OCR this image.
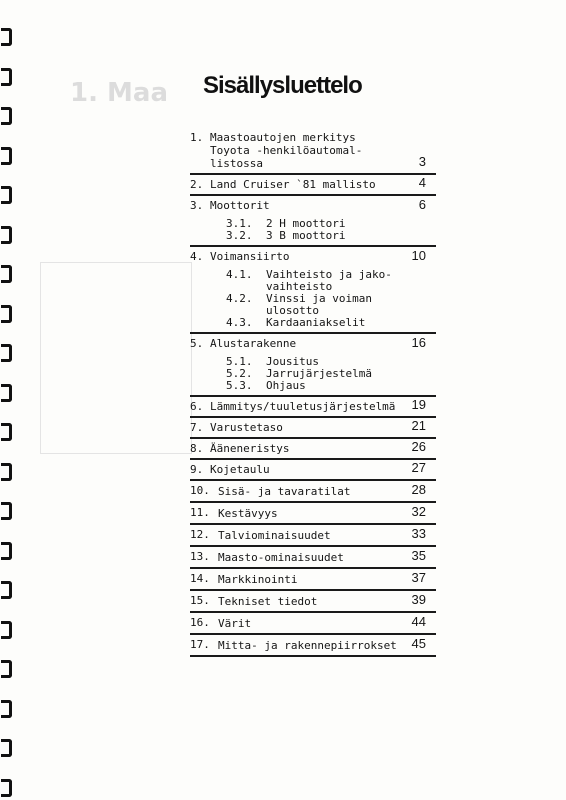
1. Maa Sisällysluettelo
1. Maastoautojen merkitys
Toyota -henkilöautomal-
listossa	3
2. Land Cruiser `81 mallisto	4
3. Moottorit	6
3.1.	2 H moottori
3.2.	3 B moottori
4. Voimansiirto	10
4.1.	Vaihteisto ja jako-
vaihteisto
4.2.	Vinssi ja voiman
ulosotto
4.3.	Kardaaniakselit
5. Alustarakenne	16
5.1.	Jousitus
5.2.	Jarrujärjestelmä
5.3.	Ohjaus
6. Lämmitys/tuuletusjärjestelmä	19
7. Varustetaso	21
8. Äänenеristys	26
9. Kojetaulu	27
10. Sisä- ja tavaratilat	28
11. Kestävyys	32
12. Talviominaisuudet	33
13. Maasto-ominaisuudet	35
14. Markkinointi	37
15. Tekniset tiedot	39
16. Värit	44
17. Mitta- ja rakennepiirrokset	45
